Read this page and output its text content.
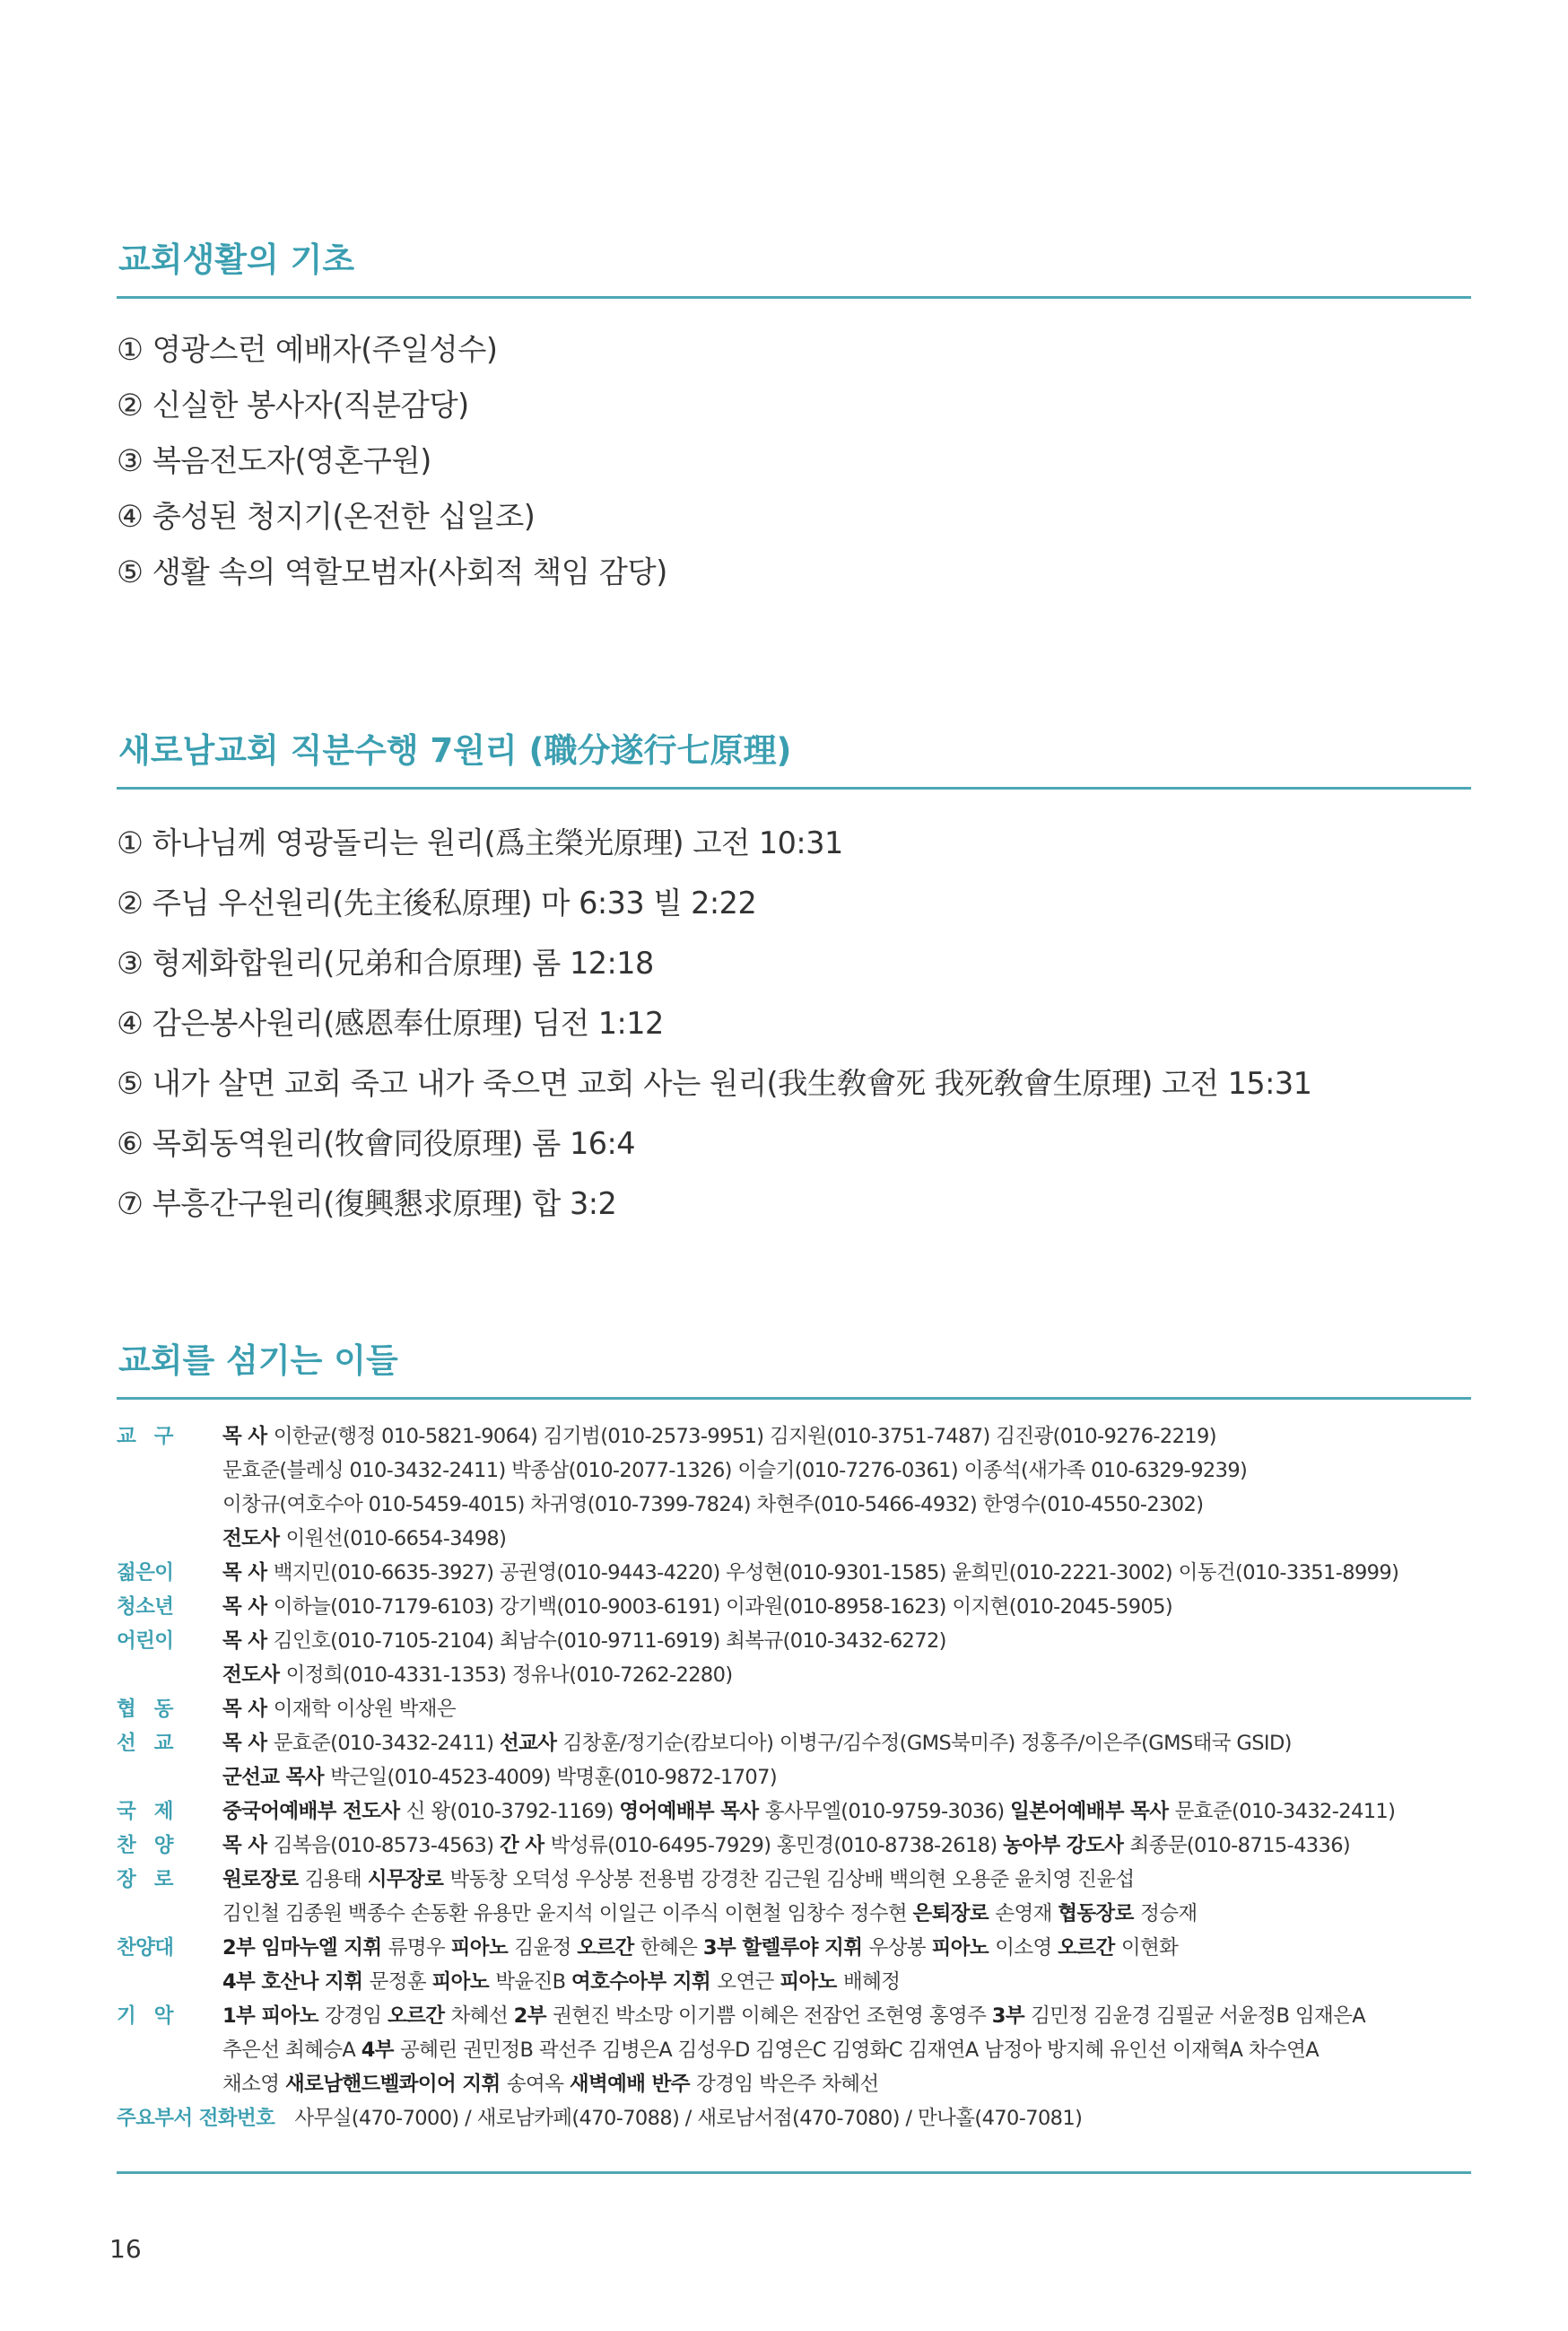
교회생활의 기초
① 영광스런 예배자(주일성수)
② 신실한 봉사자(직분감당)
③ 복음전도자(영혼구원)
④ 충성된 청지기(온전한 십일조)
⑤ 생활 속의 역할모범자(사회적 책임 감당)
새로남교회 직분수행 7원리 (職分遂行七原理)
① 하나님께 영광돌리는 원리(爲主榮光原理) 고전 10:31
② 주님 우선원리(先主後私原理) 마 6:33 빌 2:22
③ 형제화합원리(兄弟和合原理) 롬 12:18
④ 감은봉사원리(感恩奉仕原理) 딤전 1:12
⑤ 내가 살면 교회 죽고 내가 죽으면 교회 사는 원리(我生敎會死 我死敎會生原理) 고전 15:31
⑥ 목회동역원리(牧會同役原理) 롬 16:4
⑦ 부흥간구원리(復興懇求原理) 합 3:2
교회를 섬기는 이들
교구	목 사 이한균(행정 010-5821-9064) 김기범(010-2573-9951) 김지원(010-3751-7487) 김진광(010-9276-2219)
문효준(블레싱 010-3432-2411) 박종삼(010-2077-1326) 이슬기(010-7276-0361) 이종석(새가족 010-6329-9239)
이창규(여호수아 010-5459-4015) 차귀영(010-7399-7824) 차현주(010-5466-4932) 한영수(010-4550-2302)
전도사 이원선(010-6654-3498)
젊은이	목 사 백지민(010-6635-3927) 공권영(010-9443-4220) 우성현(010-9301-1585) 윤희민(010-2221-3002) 이동건(010-3351-8999)
청소년	목 사 이하늘(010-7179-6103) 강기백(010-9003-6191) 이과원(010-8958-1623) 이지현(010-2045-5905)
어린이	목 사 김인호(010-7105-2104) 최남수(010-9711-6919) 최복규(010-3432-6272)
전도사 이정희(010-4331-1353) 정유나(010-7262-2280)
협동	목 사 이재학 이상원 박재은
선교	목 사 문효준(010-3432-2411) 선교사 김창훈/정기순(캄보디아) 이병구/김수정(GMS북미주) 정홍주/이은주(GMS태국 GSID)
군선교 목사 박근일(010-4523-4009) 박명훈(010-9872-1707)
국제	중국어예배부 전도사 신 왕(010-3792-1169) 영어예배부 목사 홍사무엘(010-9759-3036) 일본어예배부 목사 문효준(010-3432-2411)
찬양	목 사 김복음(010-8573-4563) 간 사 박성류(010-6495-7929) 홍민경(010-8738-2618) 농아부 강도사 최종문(010-8715-4336)
장로	원로장로 김용태 시무장로 박동창 오덕성 우상봉 전용범 강경찬 김근원 김상배 백의현 오용준 윤치영 진윤섭
김인철 김종원 백종수 손동환 유용만 윤지석 이일근 이주식 이현철 임창수 정수현 은퇴장로 손영재 협동장로 정승재
찬양대	2부 임마누엘 지휘 류명우 피아노 김윤정 오르간 한혜은 3부 할렐루야 지휘 우상봉 피아노 이소영 오르간 이현화
4부 호산나 지휘 문정훈 피아노 박윤진B 여호수아부 지휘 오연근 피아노 배혜정
기악	1부 피아노 강경임 오르간 차혜선 2부 권현진 박소망 이기쁨 이혜은 전잠언 조현영 홍영주 3부 김민정 김윤경 김필균 서윤정B 임재은A
추은선 최혜승A 4부 공혜린 권민정B 곽선주 김병은A 김성우D 김영은C 김영화C 김재연A 남정아 방지혜 유인선 이재혁A 차수연A
채소영 새로남핸드벨콰이어 지휘 송여옥 새벽예배 반주 강경임 박은주 차혜선
주요부서 전화번호 사무실(470-7000) / 새로남카페(470-7088) / 새로남서점(470-7080) / 만나홀(470-7081)
16
